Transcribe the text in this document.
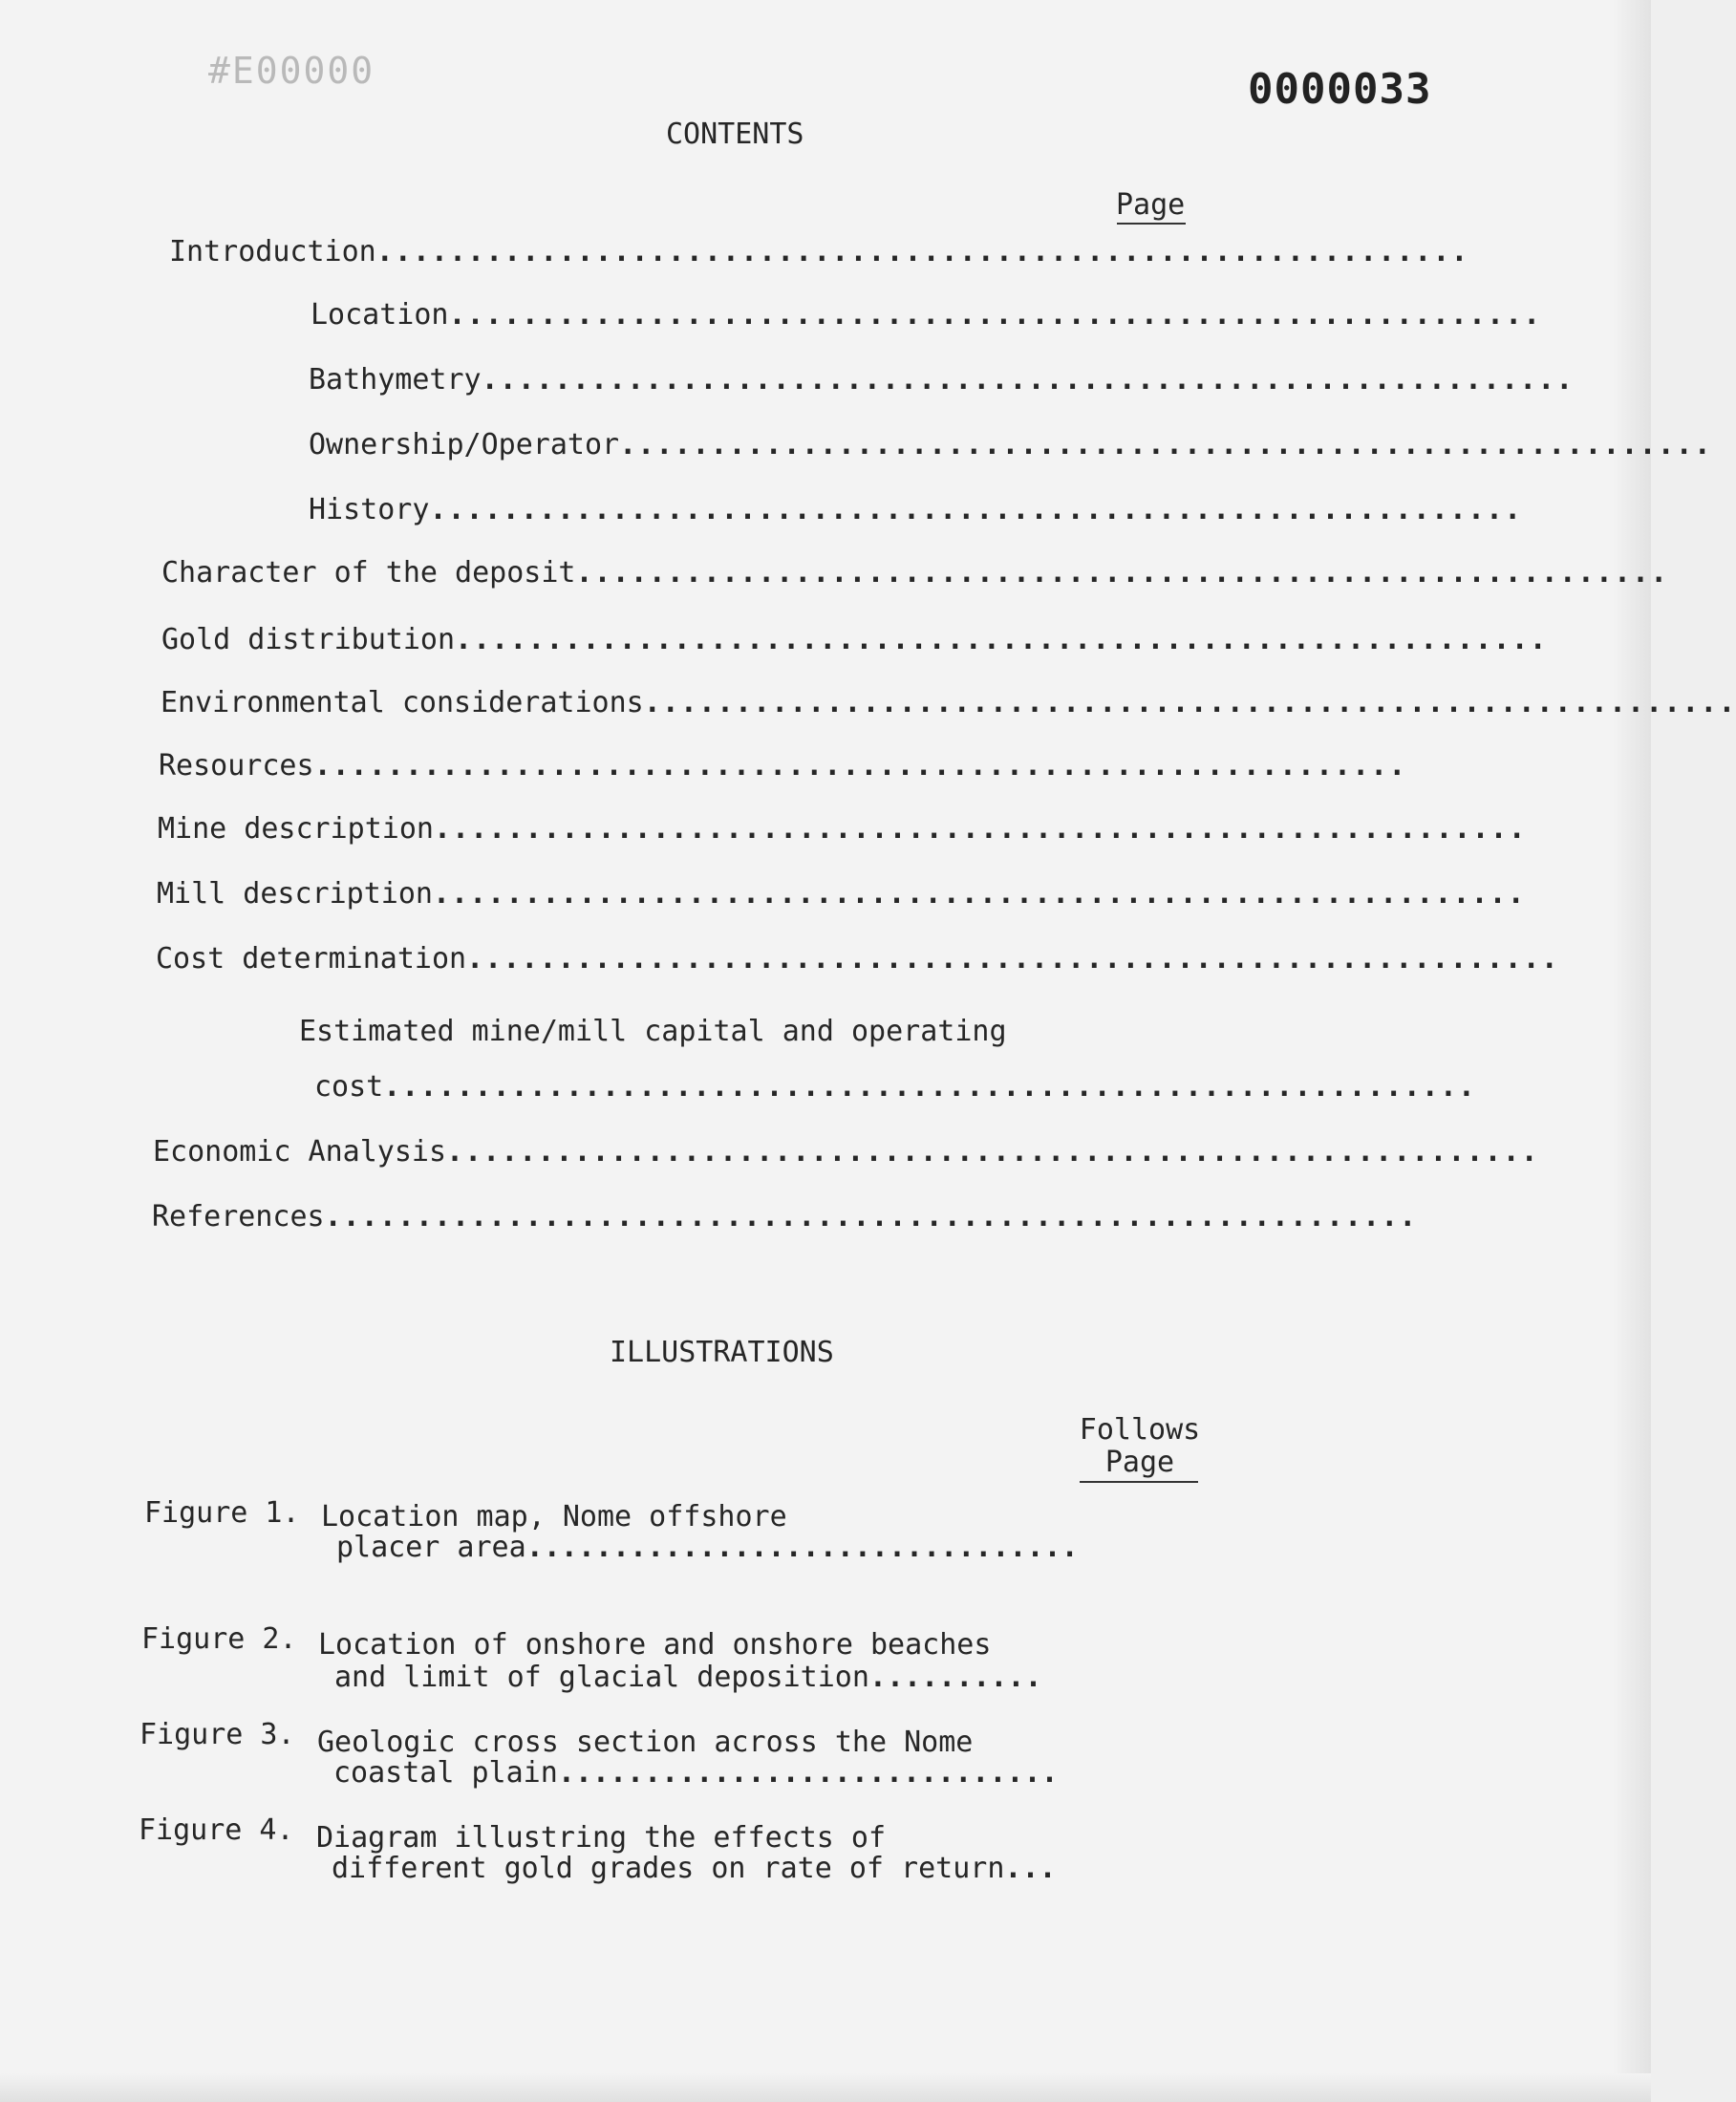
#E00000	0000033
CONTENTS
Page
Introduction ............................................................
Location ............................................................
Bathymetry ............................................................
Ownership/Operator ............................................................
History ............................................................
Character of the deposit ............................................................
Gold distribution ............................................................
Environmental considerations ............................................................
Resources ............................................................
Mine description ............................................................
Mill description ............................................................
Cost determination ............................................................
Estimated mine/mill capital and operating
cost ............................................................
Economic Analysis ............................................................
References ............................................................
ILLUSTRATIONS
Follows
Page
Figure 1. Location map, Nome offshore
placer area................................
Figure 2. Location of onshore and onshore beaches
and limit of glacial deposition..........
Figure 3. Geologic cross section across the Nome
coastal plain.............................
Figure 4. Diagram illustring the effects of
different gold grades on rate of return...
